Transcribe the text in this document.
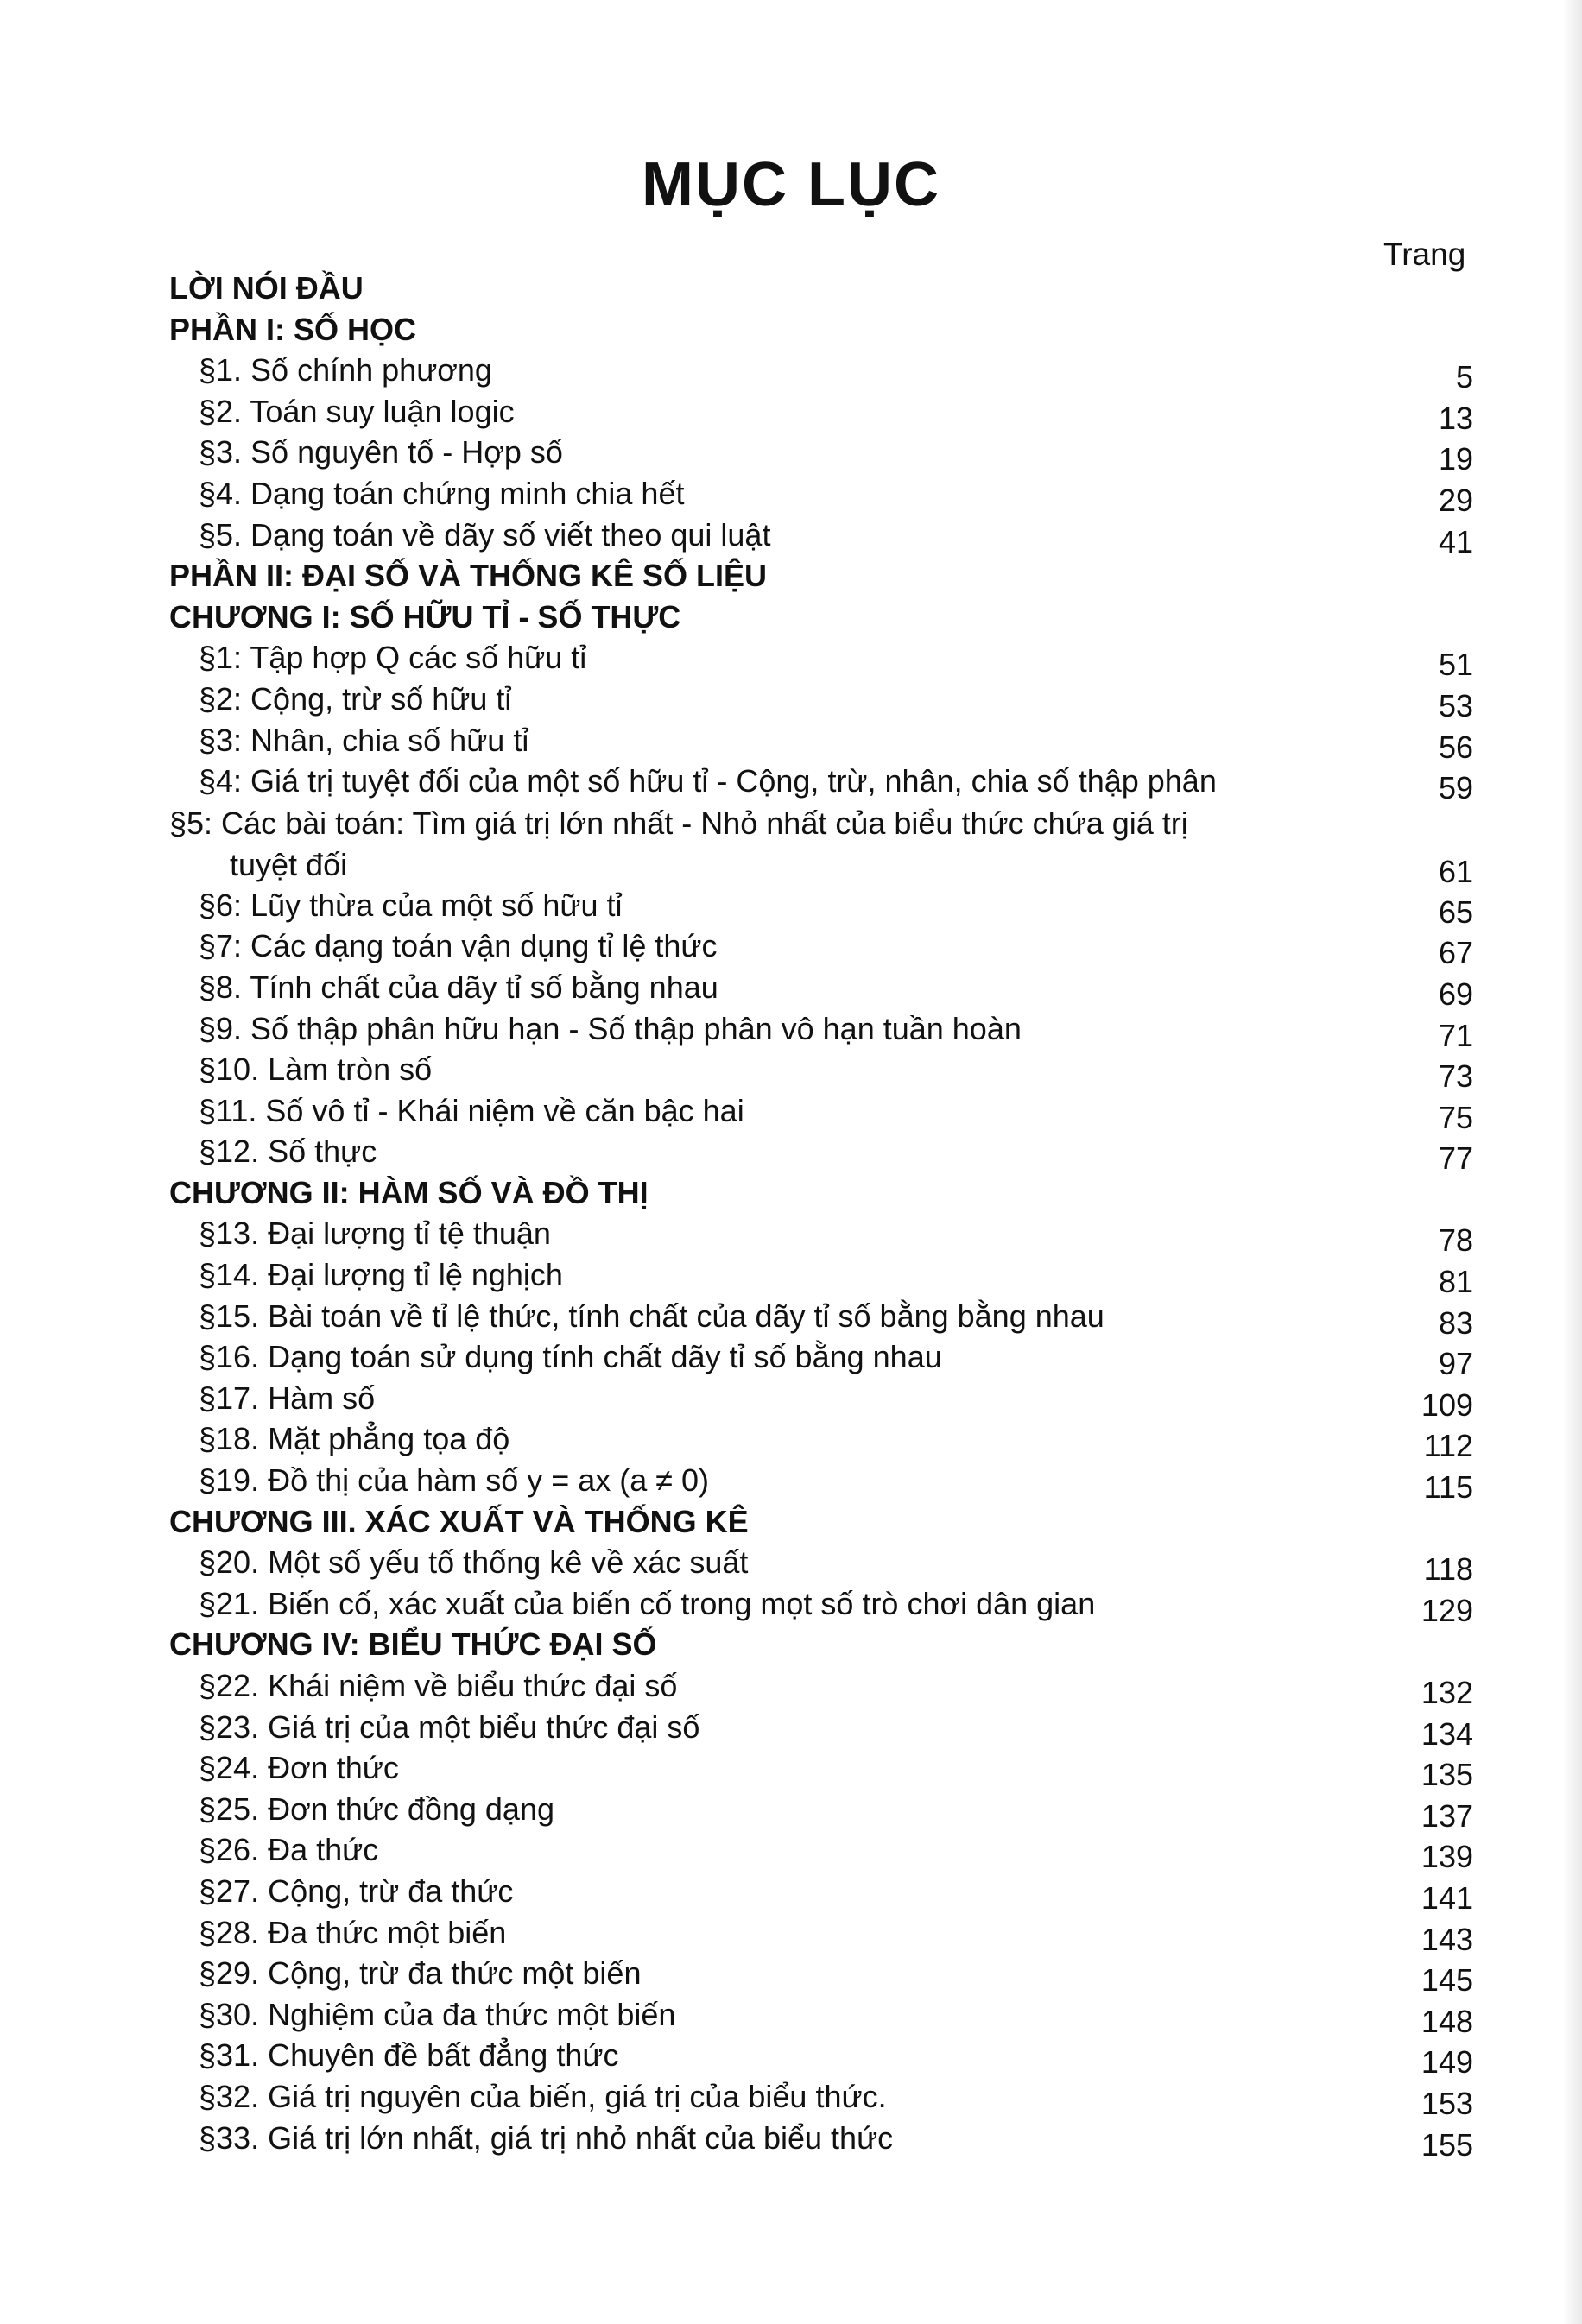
MỤC LỤC
Trang
LỜI NÓI ĐẦU
PHẦN I: SỐ HỌC
§1. Số chính phương	5
§2. Toán suy luận logic	13
§3. Số nguyên tố - Hợp số	19
§4. Dạng toán chứng minh chia hết	29
§5. Dạng toán về dãy số viết theo qui luật	41
PHẦN II: ĐẠI SỐ VÀ THỐNG KÊ SỐ LIỆU
CHƯƠNG I: SỐ HỮU TỈ - SỐ THỰC
§1: Tập hợp Q các số hữu tỉ	51
§2: Cộng, trừ số hữu tỉ	53
§3: Nhân, chia số hữu tỉ	56
§4: Giá trị tuyệt đối của một số hữu tỉ - Cộng, trừ, nhân, chia số thập phân	59
§5: Các bài toán: Tìm giá trị lớn nhất - Nhỏ nhất của biểu thức chứa giá trị
tuyệt đối	61
§6: Lũy thừa của một số hữu tỉ	65
§7: Các dạng toán vận dụng tỉ lệ thức	67
§8. Tính chất của dãy tỉ số bằng nhau	69
§9. Số thập phân hữu hạn - Số thập phân vô hạn tuần hoàn	71
§10. Làm tròn số	73
§11. Số vô tỉ - Khái niệm về căn bậc hai	75
§12. Số thực	77
CHƯƠNG II: HÀM SỐ VÀ ĐỒ THỊ
§13. Đại lượng tỉ tệ thuận	78
§14. Đại lượng tỉ lệ nghịch	81
§15. Bài toán về tỉ lệ thức, tính chất của dãy tỉ số bằng bằng nhau	83
§16. Dạng toán sử dụng tính chất dãy tỉ số bằng nhau	97
§17. Hàm số	109
§18. Mặt phẳng tọa độ	112
§19. Đồ thị của hàm số y = ax (a ≠ 0)	115
CHƯƠNG III. XÁC XUẤT VÀ THỐNG KÊ
§20. Một số yếu tố thống kê về xác suất	118
§21. Biến cố, xác xuất của biến cố trong mọt số trò chơi dân gian	129
CHƯƠNG IV: BIỂU THỨC ĐẠI SỐ
§22. Khái niệm về biểu thức đại số	132
§23. Giá trị của một biểu thức đại số	134
§24. Đơn thức	135
§25. Đơn thức đồng dạng	137
§26. Đa thức	139
§27. Cộng, trừ đa thức	141
§28. Đa thức một biến	143
§29. Cộng, trừ đa thức một biến	145
§30. Nghiệm của đa thức một biến	148
§31. Chuyên đề bất đẳng thức	149
§32. Giá trị nguyên của biến, giá trị của biểu thức.	153
§33. Giá trị lớn nhất, giá trị nhỏ nhất của biểu thức	155
